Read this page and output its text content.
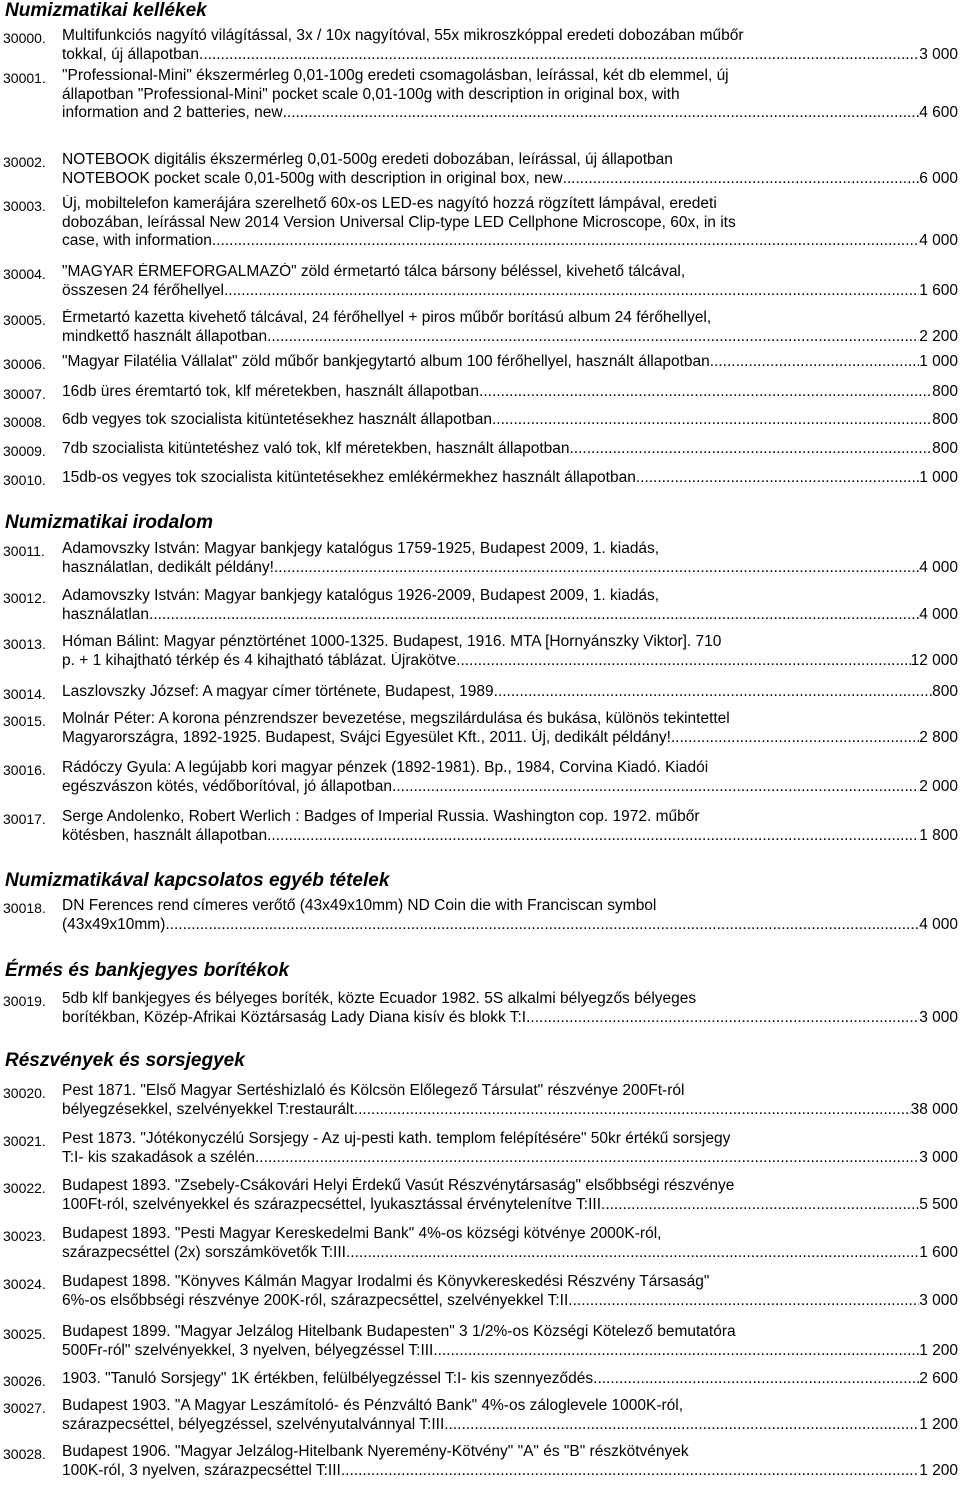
Numizmatikai kellékek
30000. Multifunkciós nagyító világítással, 3x / 10x nagyítóval, 55x mikroszkóppal eredeti dobozában műbőr
tokkal, új állapotban .....	3 000
30001. "Professional-Mini" ékszermérleg 0,01-100g eredeti csomagolásban, leírással, két db elemmel, új
állapotban "Professional-Mini" pocket scale 0,01-100g with description in original box, with
information and 2 batteries, new .....	4 600
30002. NOTEBOOK digitális ékszermérleg 0,01-500g eredeti dobozában, leírással, új állapotban
NOTEBOOK pocket scale 0,01-500g with description in original box, new .....	6 000
30003. Új, mobiltelefon kamerájára szerelhető 60x-os LED-es nagyító hozzá rögzített lámpával, eredeti
dobozában, leírással New 2014 Version Universal Clip-type LED Cellphone Microscope, 60x, in its
case, with information .....	4 000
30004. "MAGYAR ÉRMEFORGALMAZÓ" zöld érmetartó tálca bársony béléssel, kivehető tálcával,
összesen 24 férőhellyel .....	1 600
30005. Érmetartó kazetta kivehető tálcával, 24 férőhellyel + piros műbőr borítású album 24 férőhellyel,
mindkettő használt állapotban .....	2 200
30006. "Magyar Filatélia Vállalat" zöld műbőr bankjegytartó album 100 férőhellyel, használt állapotban .....	1 000
30007. 16db üres éremtartó tok, klf méretekben, használt állapotban .....	800
30008. 6db vegyes tok szocialista kitüntetésekhez használt állapotban .....	800
30009. 7db szocialista kitüntetéshez való tok, klf méretekben, használt állapotban .....	800
30010. 15db-os vegyes tok szocialista kitüntetésekhez emlékérmekhez használt állapotban .....	1 000
Numizmatikai irodalom
30011. Adamovszky István: Magyar bankjegy katalógus 1759-1925, Budapest 2009, 1. kiadás,
használatlan, dedikált példány! .....	4 000
30012. Adamovszky István: Magyar bankjegy katalógus 1926-2009, Budapest 2009, 1. kiadás,
használatlan .....	4 000
30013. Hóman Bálint: Magyar pénztörténet 1000-1325. Budapest, 1916. MTA [Hornyánszky Viktor]. 710
p. + 1 kihajtható térkép és 4 kihajtható táblázat. Újrakötve. .....	12 000
30014. Laszlovszky József: A magyar címer története, Budapest, 1989 .....	800
30015. Molnár Péter: A korona pénzrendszer bevezetése, megszilárdulása és bukása, különös tekintettel
Magyarországra, 1892-1925. Budapest, Svájci Egyesület Kft., 2011. Új, dedikált példány! .....	2 800
30016. Rádóczy Gyula: A legújabb kori magyar pénzek (1892-1981). Bp., 1984, Corvina Kiadó. Kiadói
egészvászon kötés, védőborítóval, jó állapotban. .....	2 000
30017. Serge Andolenko, Robert Werlich : Badges of Imperial Russia. Washington cop. 1972. műbőr
kötésben, használt állapotban .....	1 800
Numizmatikával kapcsolatos egyéb tételek
30018. DN Ferences rend címeres verőtő (43x49x10mm) ND Coin die with Franciscan symbol
(43x49x10mm) .....	4 000
Érmés és bankjegyes borítékok
30019. 5db klf bankjegyes és bélyeges boríték, közte Ecuador 1982. 5S alkalmi bélyegzős bélyeges
borítékban, Közép-Afrikai Köztársaság Lady Diana kisív és blokk T:I .....	3 000
Részvények és sorsjegyek
30020. Pest 1871. "Első Magyar Sertéshizlaló és Kölcsön Előlegező Társulat" részvénye 200Ft-ról
bélyegzésekkel, szelvényekkel T:restaurált .....	38 000
30021. Pest 1873. "Jótékonyczélú Sorsjegy - Az uj-pesti kath. templom felépítésére" 50kr értékű sorsjegy
T:I- kis szakadások a szélén .....	3 000
30022. Budapest 1893. "Zsebely-Csákovári Helyi Érdekű Vasút Részvénytársaság" elsőbbségi részvénye
100Ft-ról, szelvényekkel és szárazpecséttel, lyukasztással érvénytelenítve T:III .....	5 500
30023. Budapest 1893. "Pesti Magyar Kereskedelmi Bank" 4%-os községi kötvénye 2000K-ról,
szárazpecséttel (2x) sorszámkövetők T:III .....	1 600
30024. Budapest 1898. "Könyves Kálmán Magyar Irodalmi és Könyvkereskedési Részvény Társaság"
6%-os elsőbbségi részvénye 200K-ról, szárazpecséttel, szelvényekkel T:II .....	3 000
30025. Budapest 1899. "Magyar Jelzálog Hitelbank Budapesten" 3 1/2%-os Községi Kötelező bemutatóra
500Fr-ról" szelvényekkel, 3 nyelven, bélyegzéssel T:III .....	1 200
30026. 1903. "Tanuló Sorsjegy" 1K értékben, felülbélyegzéssel T:I- kis szennyeződés .....	2 600
30027. Budapest 1903. "A Magyar Leszámítoló- és Pénzváltó Bank" 4%-os záloglevele 1000K-ról,
szárazpecséttel, bélyegzéssel, szelvényutalvánnyal T:III .....	1 200
30028. Budapest 1906. "Magyar Jelzálog-Hitelbank Nyeremény-Kötvény" "A" és "B" részkötvények
100K-ról, 3 nyelven, szárazpecséttel T:III .....	1 200
